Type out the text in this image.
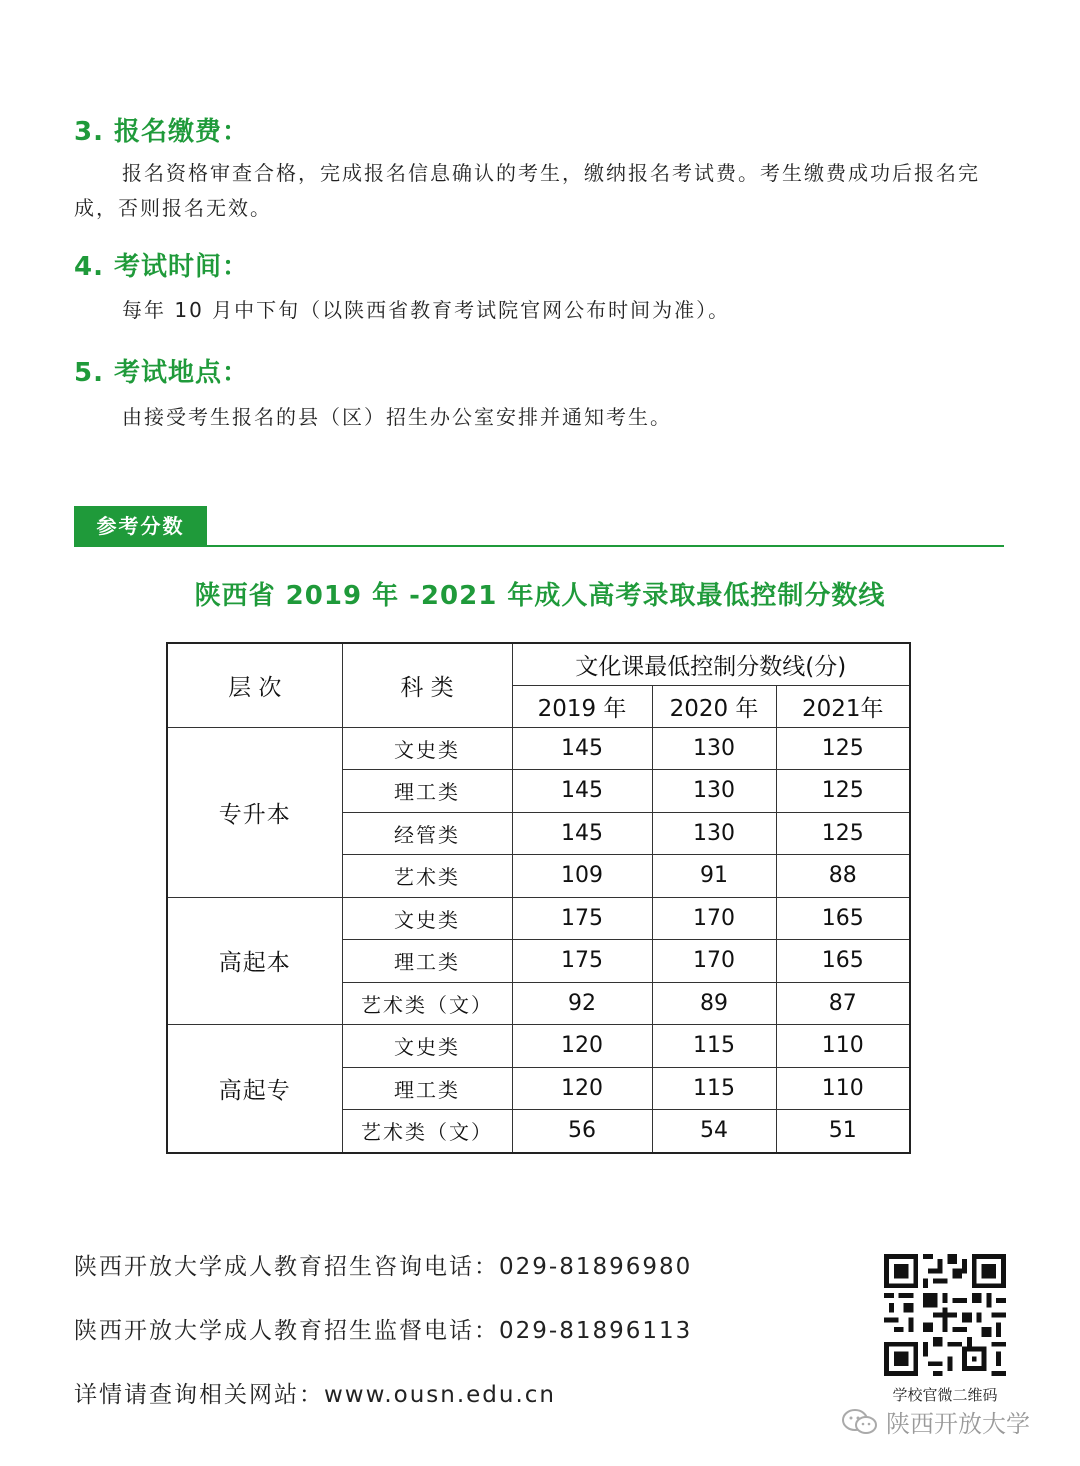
3. 报名缴费：

报名资格审查合格，完成报名信息确认的考生，缴纳报名考试费。考生缴费成功后报名完成，否则报名无效。

4. 考试时间：

每年 10 月中下旬（以陕西省教育考试院官网公布时间为准）。

5. 考试地点：

由接受考生报名的县（区）招生办公室安排并通知考生。

参考分数
陕西省 2019 年 -2021 年成人高考录取最低控制分数线
层 次	科 类	文化课最低控制分数线(分)		
		2019 年	2020 年	2021年
专升本	文史类	145	130	125
	理工类	145	130	125
	经管类	145	130	125
	艺术类	109	91	88
高起本	文史类	175	170	165
	理工类	175	170	165
	艺术类（文）	92	89	87
高起专	文史类	120	115	110
	理工类	120	115	110
	艺术类（文）	56	54	51

陕西开放大学成人教育招生咨询电话：029-81896980

陕西开放大学成人教育招生监督电话：029-81896113

详情请查询相关网站：www.ousn.edu.cn	学校官微二维码

陕西开放大学
